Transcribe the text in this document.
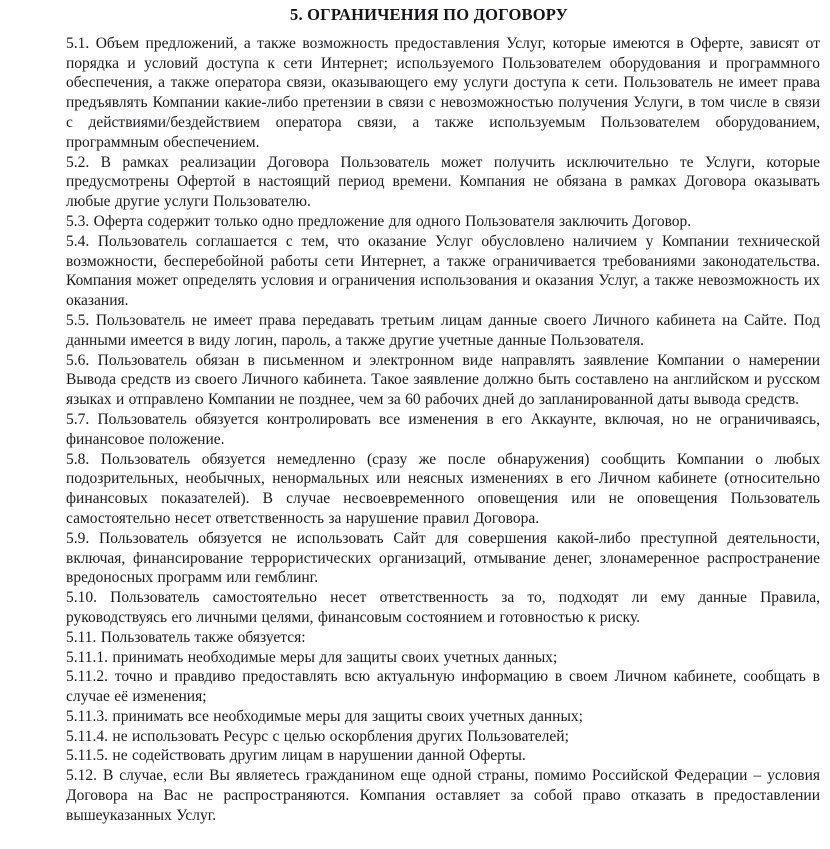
5. ОГРАНИЧЕНИЯ ПО ДОГОВОРУ

5.1. Объем предложений, а также возможность предоставления Услуг, которые имеются в Оферте, зависят от порядка и условий доступа к сети Интернет; используемого Пользователем оборудования и программного обеспечения, а также оператора связи, оказывающего ему услуги доступа к сети. Пользователь не имеет права предъявлять Компании какие-либо претензии в связи с невозможностью получения Услуги, в том числе в связи с действиями/бездействием оператора связи, а также используемым Пользователем оборудованием, программным обеспечением.

5.2. В рамках реализации Договора Пользователь может получить исключительно те Услуги, которые предусмотрены Офертой в настоящий период времени. Компания не обязана в рамках Договора оказывать любые другие услуги Пользователю.

5.3. Оферта содержит только одно предложение для одного Пользователя заключить Договор.

5.4. Пользователь соглашается с тем, что оказание Услуг обусловлено наличием у Компании технической возможности, бесперебойной работы сети Интернет, а также ограничивается требованиями законодательства. Компания может определять условия и ограничения использования и оказания Услуг, а также невозможность их оказания.

5.5. Пользователь не имеет права передавать третьим лицам данные своего Личного кабинета на Сайте. Под данными имеется в виду логин, пароль, а также другие учетные данные Пользователя.

5.6. Пользователь обязан в письменном и электронном виде направлять заявление Компании о намерении Вывода средств из своего Личного кабинета. Такое заявление должно быть составлено на английском и русском языках и отправлено Компании не позднее, чем за 60 рабочих дней до запланированной даты вывода средств.

5.7. Пользователь обязуется контролировать все изменения в его Аккаунте, включая, но не ограничиваясь, финансовое положение.

5.8. Пользователь обязуется немедленно (сразу же после обнаружения) сообщить Компании о любых подозрительных, необычных, ненормальных или неясных изменениях в его Личном кабинете (относительно финансовых показателей). В случае несвоевременного оповещения или не оповещения Пользователь самостоятельно несет ответственность за нарушение правил Договора.

5.9. Пользователь обязуется не использовать Сайт для совершения какой-либо преступной деятельности, включая, финансирование террористических организаций, отмывание денег, злонамеренное распространение вредоносных программ или гемблинг.

5.10. Пользователь самостоятельно несет ответственность за то, подходят ли ему данные Правила, руководствуясь его личными целями, финансовым состоянием и готовностью к риску.

5.11. Пользователь также обязуется:

5.11.1. принимать необходимые меры для защиты своих учетных данных;

5.11.2. точно и правдиво предоставлять всю актуальную информацию в своем Личном кабинете, сообщать в случае её изменения;

5.11.3. принимать все необходимые меры для защиты своих учетных данных;

5.11.4. не использовать Ресурс с целью оскорбления других Пользователей;

5.11.5. не содействовать другим лицам в нарушении данной Оферты.

5.12. В случае, если Вы являетесь гражданином еще одной страны, помимо Российской Федерации – условия Договора на Вас не распространяются. Компания оставляет за собой право отказать в предоставлении вышеуказанных Услуг.
